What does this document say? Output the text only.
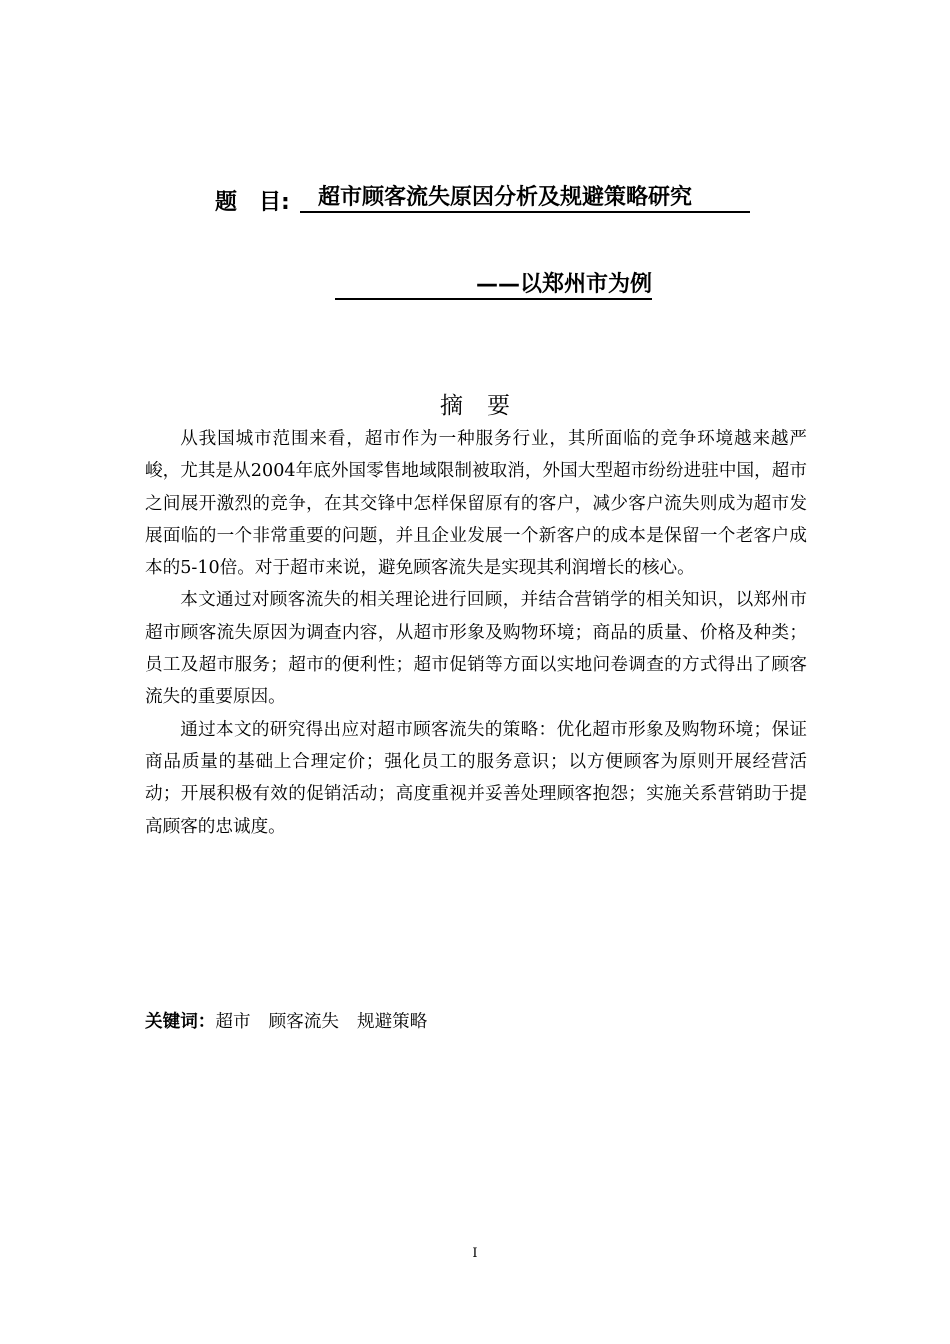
题　目:	超市顾客流失原因分析及规避策略研究
——以郑州市为例
摘要

从我国城市范围来看，超市作为一种服务行业，其所面临的竞争环境越来越严峻，尤其是从2004年底外国零售地域限制被取消，外国大型超市纷纷进驻中国，超市之间展开激烈的竞争，在其交锋中怎样保留原有的客户，减少客户流失则成为超市发展面临的一个非常重要的问题，并且企业发展一个新客户的成本是保留一个老客户成本的5-10倍。对于超市来说，避免顾客流失是实现其利润增长的核心。

本文通过对顾客流失的相关理论进行回顾，并结合营销学的相关知识，以郑州市超市顾客流失原因为调查内容，从超市形象及购物环境；商品的质量、价格及种类；员工及超市服务；超市的便利性；超市促销等方面以实地问卷调查的方式得出了顾客流失的重要原因。

通过本文的研究得出应对超市顾客流失的策略：优化超市形象及购物环境；保证商品质量的基础上合理定价；强化员工的服务意识；以方便顾客为原则开展经营活动；开展积极有效的促销活动；高度重视并妥善处理顾客抱怨；实施关系营销助于提高顾客的忠诚度。

关键词：超市 顾客流失 规避策略
I
